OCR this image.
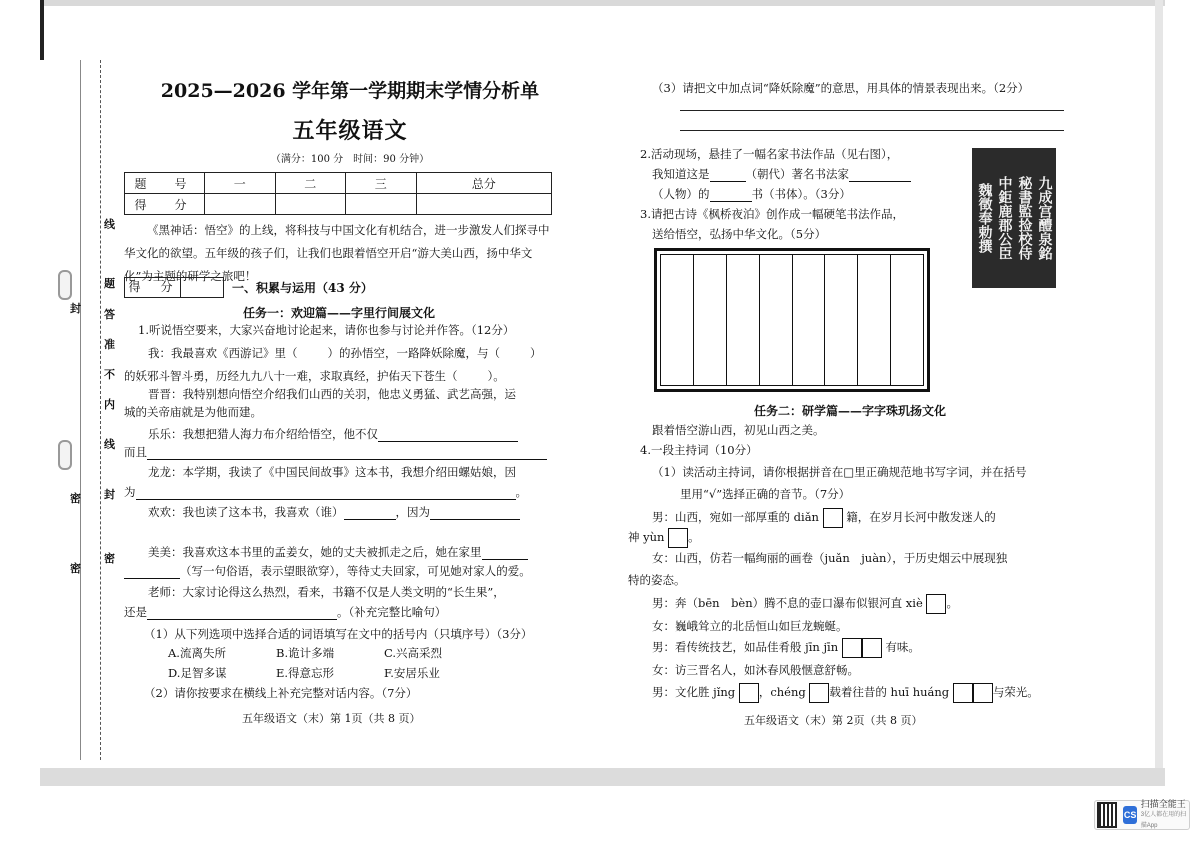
线
题
答
准
不
内
线
封
密
封
密
密
2025—2026 学年第一学期期末学情分析单
五年级语文
（满分：100 分　时间：90 分钟）
题　号	一	二	三	总分
得　分				
《黑神话：悟空》的上线，将科技与中国文化有机结合，进一步激发人们探寻中华文化的欲望。五年级的孩子们，让我们也跟着悟空开启“游大美山西，扬中华文化”为主题的研学之旅吧！
得　分	一、积累与运用（43 分）
任务一：欢迎篇——字里行间展文化
1.听说悟空要来，大家兴奋地讨论起来，请你也参与讨论并作答。（12分）
我：我最喜欢《西游记》里（	）的孙悟空，一路降妖除魔，与（	）
的妖邪斗智斗勇，历经九九八十一难，求取真经，护佑天下苍生（	）。
晋晋：我特别想向悟空介绍我们山西的关羽，他忠义勇猛、武艺高强，运
城的关帝庙就是为他而建。
乐乐：我想把猎人海力布介绍给悟空，他不仅
而且
龙龙：本学期，我读了《中国民间故事》这本书，我想介绍田螺姑娘，因
为	。
欢欢：我也读了这本书，我喜欢（谁）	，因为
美美：我喜欢这本书里的孟姜女，她的丈夫被抓走之后，她在家里
（写一句俗语，表示望眼欲穿），等待丈夫回家，可见她对家人的爱。
老师：大家讨论得这么热烈，看来，书籍不仅是人类文明的“长生果”，
还是	。（补充完整比喻句）
（1）从下列选项中选择合适的词语填写在文中的括号内（只填序号）（3分）
A.流离失所	B.诡计多端	C.兴高采烈
D.足智多谋	E.得意忘形	F.安居乐业
（2）请你按要求在横线上补充完整对话内容。（7分）
五年级语文（末）第 1页（共 8 页）
（3）请把文中加点词“降妖除魔”的意思，用具体的情景表现出来。（2分）
2.活动现场，悬挂了一幅名家书法作品（见右图），
我知道这是	（朝代）著名书法家
（人物）的	书（书体）。（3分）
3.请把古诗《枫桥夜泊》创作成一幅硬笔书法作品，
送给悟空，弘扬中华文化。（5分）	九成宫醴泉銘
秘書監捡校侍
中鉅鹿郡公臣
魏徵奉勅撰
任务二：研学篇——字字珠玑扬文化
跟着悟空游山西，初见山西之美。
4.一段主持词（10分）
（1）读活动主持词，请你根据拼音在□里正确规范地书写字词，并在括号
里用“√”选择正确的音节。（7分）
男：山西，宛如一部厚重的 diǎn 籍，在岁月长河中散发迷人的
神 yùn 。
女：山西，仿若一幅绚丽的画卷（juǎn　juàn），于历史烟云中展现独
特的姿态。
男：奔（bēn　bèn）腾不息的壶口瀑布似银河直 xiè 。
女：巍峨耸立的北岳恒山如巨龙蜿蜒。
男：看传统技艺，如品佳肴般 jīn jīn	有味。
女：访三晋名人，如沐春风般惬意舒畅。
男：文化胜 jǐng ，chéng 载着往昔的 huī huáng	与荣光。
五年级语文（末）第 2页（共 8 页）
CS
扫描全能王
3亿人都在用的扫描App
